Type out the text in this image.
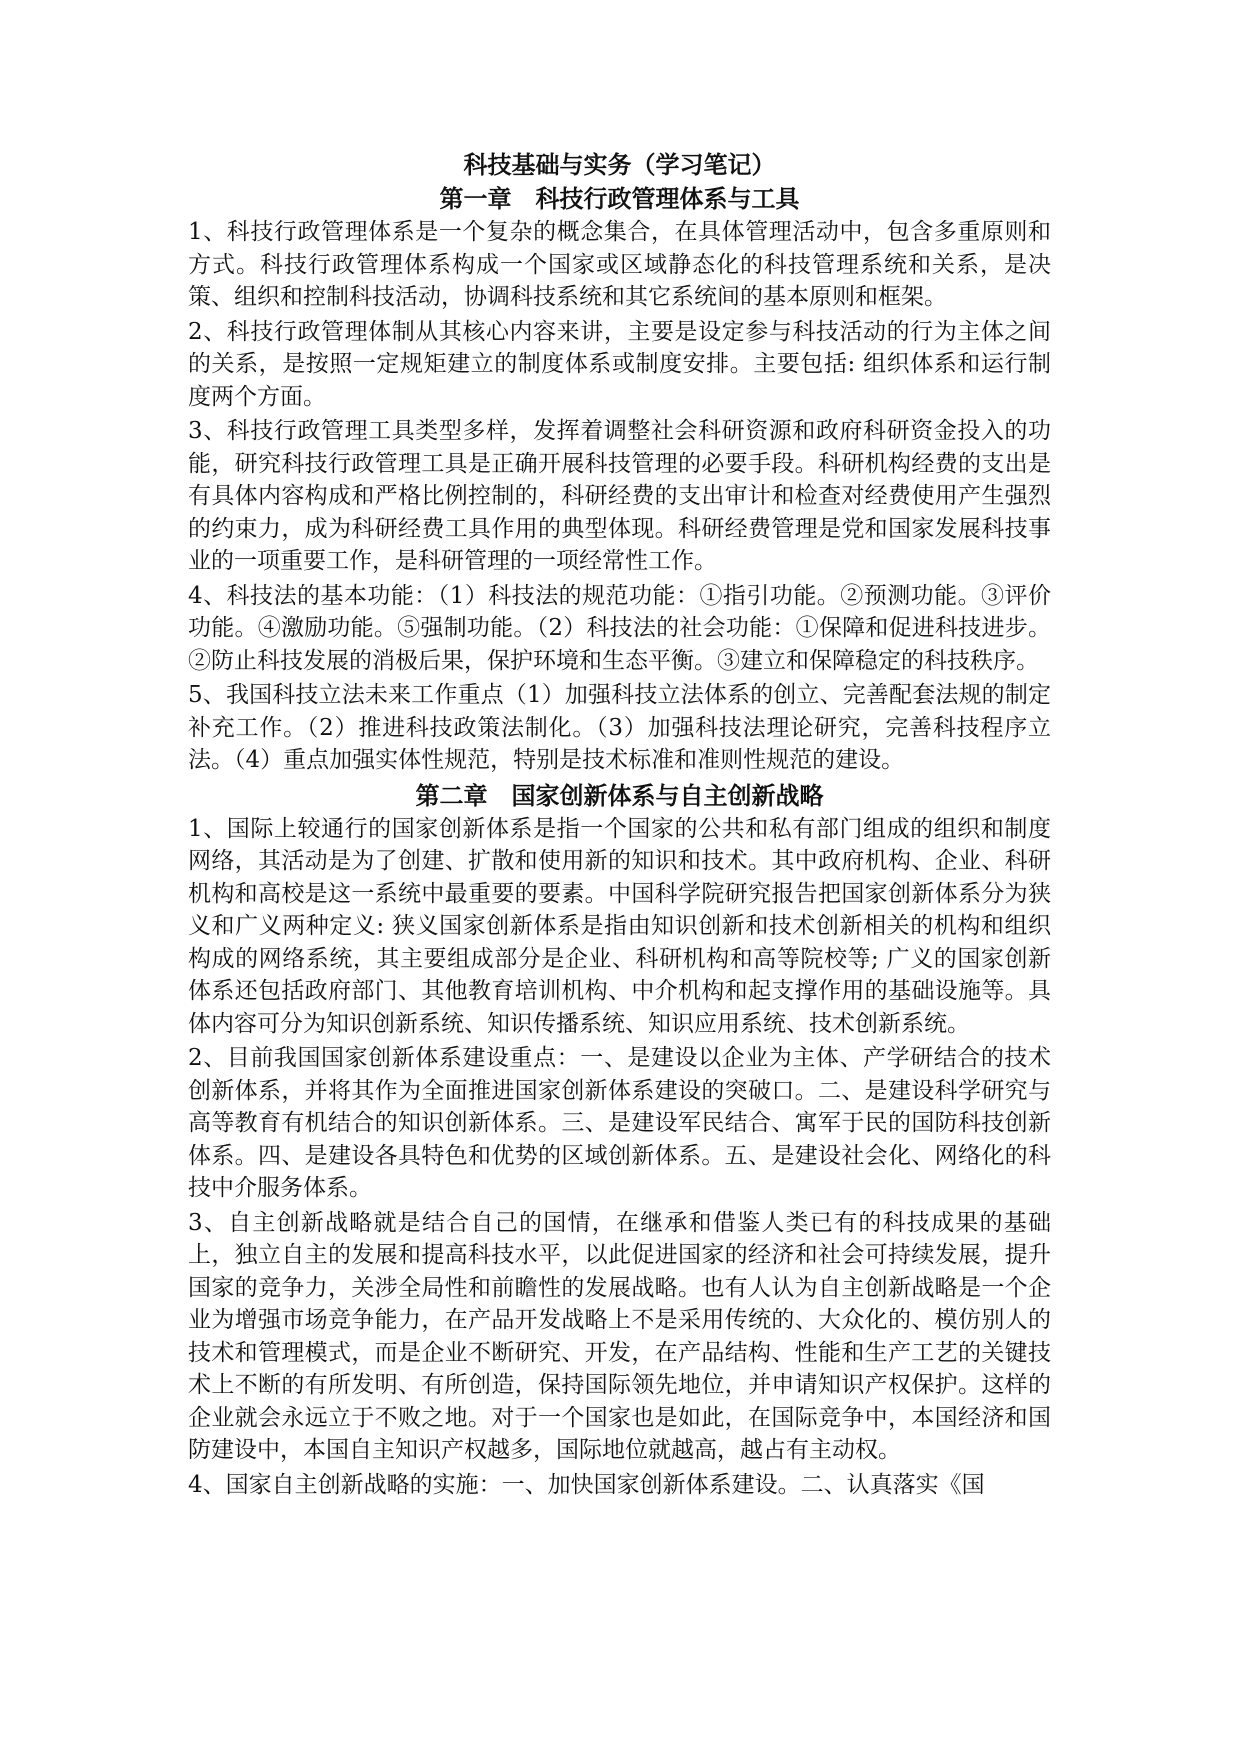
科技基础与实务（学习笔记）
第一章　科技行政管理体系与工具

1、科技行政管理体系是一个复杂的概念集合，在具体管理活动中，包含多重原则和方式。科技行政管理体系构成一个国家或区域静态化的科技管理系统和关系，是决策、组织和控制科技活动，协调科技系统和其它系统间的基本原则和框架。

2、科技行政管理体制从其核心内容来讲，主要是设定参与科技活动的行为主体之间的关系，是按照一定规矩建立的制度体系或制度安排。主要包括: 组织体系和运行制度两个方面。

3、科技行政管理工具类型多样，发挥着调整社会科研资源和政府科研资金投入的功能，研究科技行政管理工具是正确开展科技管理的必要手段。科研机构经费的支出是有具体内容构成和严格比例控制的，科研经费的支出审计和检查对经费使用产生强烈的约束力，成为科研经费工具作用的典型体现。科研经费管理是党和国家发展科技事业的一项重要工作，是科研管理的一项经常性工作。

4、科技法的基本功能：（1）科技法的规范功能：①指引功能。②预测功能。③评价功能。④激励功能。⑤强制功能。（2）科技法的社会功能：①保障和促进科技进步。②防止科技发展的消极后果，保护环境和生态平衡。③建立和保障稳定的科技秩序。

5、我国科技立法未来工作重点（1）加强科技立法体系的创立、完善配套法规的制定补充工作。（2）推进科技政策法制化。（3）加强科技法理论研究，完善科技程序立法。（4）重点加强实体性规范，特别是技术标准和准则性规范的建设。

第二章　国家创新体系与自主创新战略

1、国际上较通行的国家创新体系是指一个国家的公共和私有部门组成的组织和制度网络，其活动是为了创建、扩散和使用新的知识和技术。其中政府机构、企业、科研机构和高校是这一系统中最重要的要素。中国科学院研究报告把国家创新体系分为狭义和广义两种定义: 狭义国家创新体系是指由知识创新和技术创新相关的机构和组织构成的网络系统，其主要组成部分是企业、科研机构和高等院校等; 广义的国家创新体系还包括政府部门、其他教育培训机构、中介机构和起支撑作用的基础设施等。具体内容可分为知识创新系统、知识传播系统、知识应用系统、技术创新系统。

2、目前我国国家创新体系建设重点：一、是建设以企业为主体、产学研结合的技术创新体系，并将其作为全面推进国家创新体系建设的突破口。二、是建设科学研究与高等教育有机结合的知识创新体系。三、是建设军民结合、寓军于民的国防科技创新体系。四、是建设各具特色和优势的区域创新体系。五、是建设社会化、网络化的科技中介服务体系。

3、自主创新战略就是结合自己的国情，在继承和借鉴人类已有的科技成果的基础上，独立自主的发展和提高科技水平，以此促进国家的经济和社会可持续发展，提升国家的竞争力，关涉全局性和前瞻性的发展战略。也有人认为自主创新战略是一个企业为增强市场竞争能力，在产品开发战略上不是采用传统的、大众化的、模仿别人的技术和管理模式，而是企业不断研究、开发，在产品结构、性能和生产工艺的关键技术上不断的有所发明、有所创造，保持国际领先地位，并申请知识产权保护。这样的企业就会永远立于不败之地。对于一个国家也是如此，在国际竞争中，本国经济和国防建设中，本国自主知识产权越多，国际地位就越高，越占有主动权。

4、国家自主创新战略的实施：一、加快国家创新体系建设。二、认真落实《国
